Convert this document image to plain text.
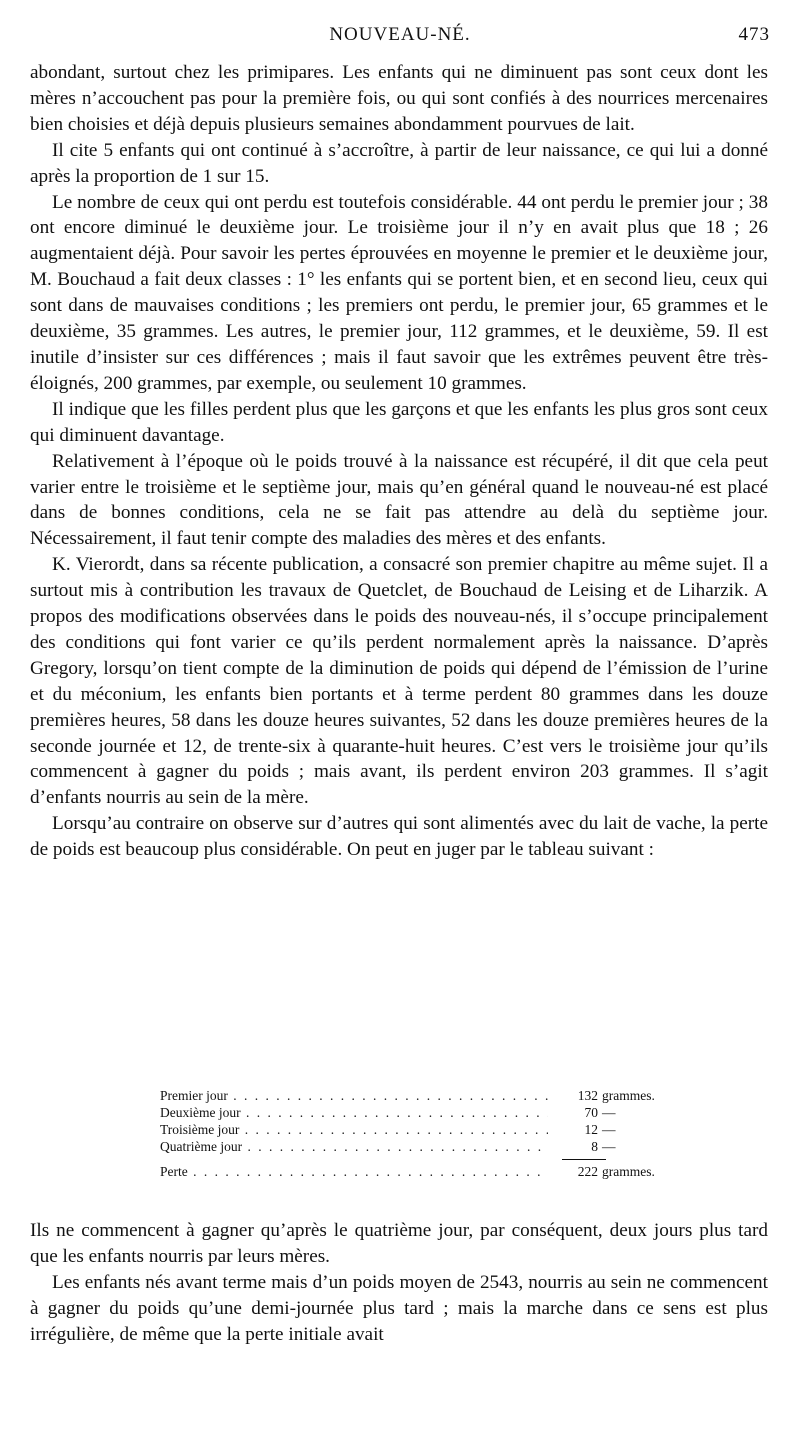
NOUVEAU-NÉ.	473

abondant, surtout chez les primipares. Les enfants qui ne diminuent pas sont ceux dont les mères n’accouchent pas pour la première fois, ou qui sont confiés à des nourrices mercenaires bien choisies et déjà depuis plusieurs semaines abondamment pourvues de lait.

Il cite 5 enfants qui ont continué à s’accroître, à partir de leur naissance, ce qui lui a donné après la proportion de 1 sur 15.

Le nombre de ceux qui ont perdu est toutefois considérable. 44 ont perdu le premier jour ; 38 ont encore diminué le deuxième jour. Le troisième jour il n’y en avait plus que 18 ; 26 augmentaient déjà. Pour savoir les pertes éprouvées en moyenne le premier et le deuxième jour, M. Bouchaud a fait deux classes : 1° les enfants qui se portent bien, et en second lieu, ceux qui sont dans de mauvaises conditions ; les premiers ont perdu, le premier jour, 65 grammes et le deuxième, 35 grammes. Les autres, le premier jour, 112 grammes, et le deuxième, 59. Il est inutile d’insister sur ces différences ; mais il faut savoir que les extrêmes peuvent être très-éloignés, 200 grammes, par exemple, ou seulement 10 grammes.

Il indique que les filles perdent plus que les garçons et que les enfants les plus gros sont ceux qui diminuent davantage.

Relativement à l’époque où le poids trouvé à la naissance est récupéré, il dit que cela peut varier entre le troisième et le septième jour, mais qu’en général quand le nouveau-né est placé dans de bonnes conditions, cela ne se fait pas attendre au delà du septième jour. Nécessairement, il faut tenir compte des maladies des mères et des enfants.

K. Vierordt, dans sa récente publication, a consacré son premier chapitre au même sujet. Il a surtout mis à contribution les travaux de Quetclet, de Bouchaud de Leising et de Liharzik. A propos des modifications observées dans le poids des nouveau-nés, il s’occupe principalement des conditions qui font varier ce qu’ils perdent normalement après la naissance. D’après Gregory, lorsqu’on tient compte de la diminution de poids qui dépend de l’émission de l’urine et du méconium, les enfants bien portants et à terme perdent 80 grammes dans les douze premières heures, 58 dans les douze heures suivantes, 52 dans les douze premières heures de la seconde journée et 12, de trente-six à quarante-huit heures. C’est vers le troisième jour qu’ils commencent à gagner du poids ; mais avant, ils perdent environ 203 grammes. Il s’agit d’enfants nourris au sein de la mère.

Lorsqu’au contraire on observe sur d’autres qui sont alimentés avec du lait de vache, la perte de poids est beaucoup plus considérable. On peut en juger par le tableau suivant :

Premier jour . . .	132 grammes.
Deuxième jour . . .	70 —
Troisième jour . . .	12 —
Quatrième jour . . .	8 —
Perte . . .	222 grammes.

Ils ne commencent à gagner qu’après le quatrième jour, par conséquent, deux jours plus tard que les enfants nourris par leurs mères.

Les enfants nés avant terme mais d’un poids moyen de 2543, nourris au sein ne commencent à gagner du poids qu’une demi-journée plus tard ; mais la marche dans ce sens est plus irrégulière, de même que la perte initiale avait
